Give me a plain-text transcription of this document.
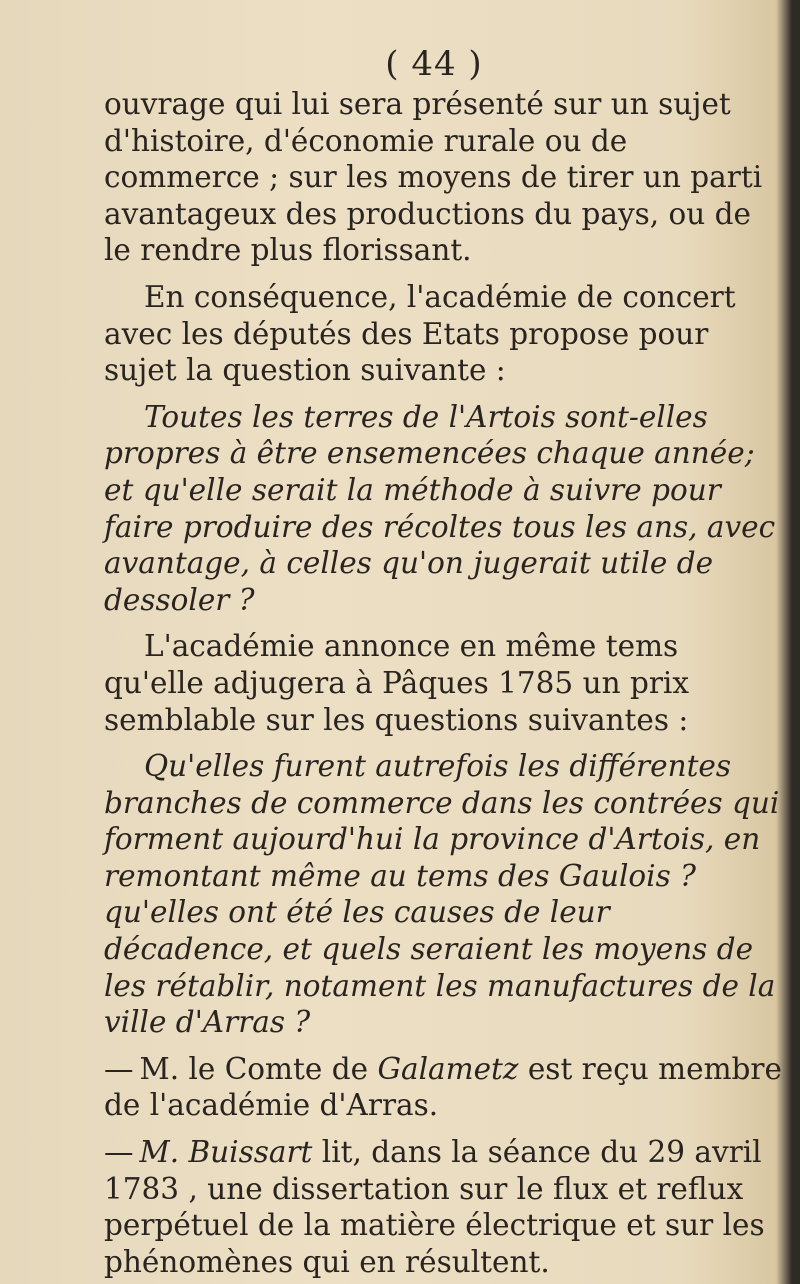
( 44 )

ouvrage qui lui sera présenté sur un sujet d'histoire, d'économie rurale ou de commerce ; sur les moyens de tirer un parti avantageux des productions du pays, ou de le rendre plus florissant.

En conséquence, l'académie de concert avec les députés des Etats propose pour sujet la question suivante :

Toutes les terres de l'Artois sont-elles propres à être ensemencées chaque année; et qu'elle serait la méthode à suivre pour faire produire des récoltes tous les ans, avec avantage, à celles qu'on jugerait utile de dessoler ?

L'académie annonce en même tems qu'elle adjugera à Pâques 1785 un prix semblable sur les questions suivantes :

Qu'elles furent autrefois les différentes branches de commerce dans les contrées qui forment aujourd'hui la province d'Artois, en remontant même au tems des Gaulois ? qu'elles ont été les causes de leur décadence, et quels seraient les moyens de les rétablir, notament les manufactures de la ville d'Arras ?

— M. le Comte de Galametz est reçu membre de l'académie d'Arras.

— M. Buissart lit, dans la séance du 29 avril 1783 , une dissertation sur le flux et reflux perpétuel de la matière électrique et sur les phénomènes qui en résultent.
